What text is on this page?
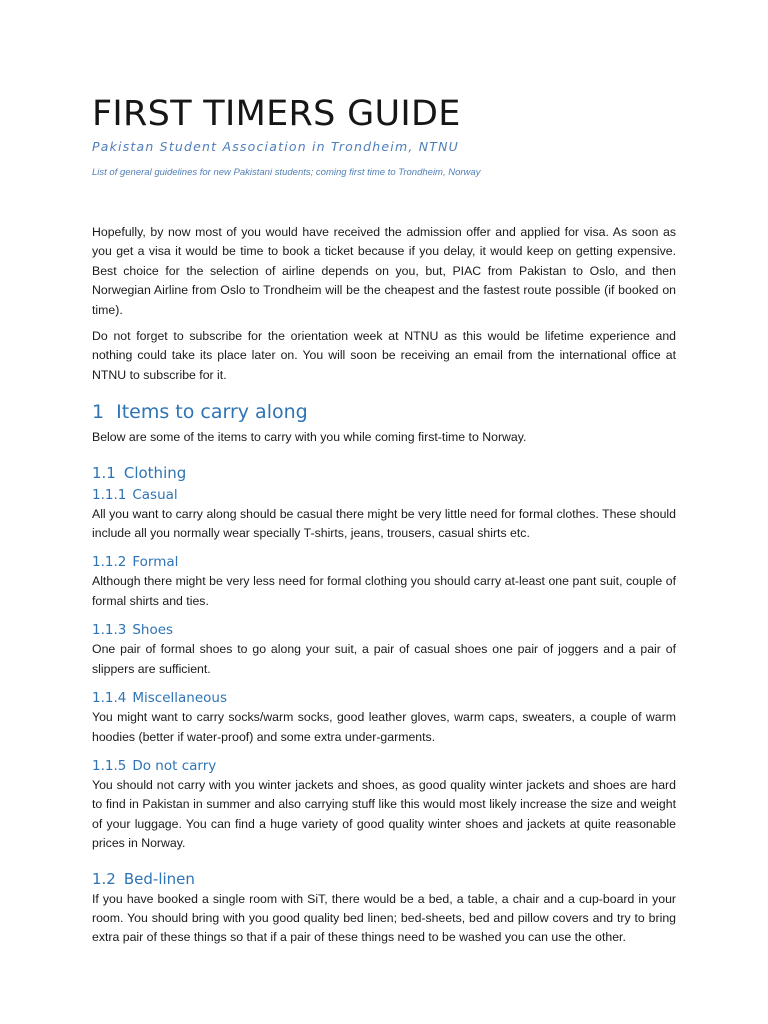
FIRST TIMERS GUIDE

Pakistan Student Association in Trondheim, NTNU

List of general guidelines for new Pakistani students; coming first time to Trondheim, Norway

Hopefully, by now most of you would have received the admission offer and applied for visa. As soon as you get a visa it would be time to book a ticket because if you delay, it would keep on getting expensive. Best choice for the selection of airline depends on you, but, PIAC from Pakistan to Oslo, and then Norwegian Airline from Oslo to Trondheim will be the cheapest and the fastest route possible (if booked on time).

Do not forget to subscribe for the orientation week at NTNU as this would be lifetime experience and nothing could take its place later on. You will soon be receiving an email from the international office at NTNU to subscribe for it.

1 Items to carry along

Below are some of the items to carry with you while coming first-time to Norway.

1.1 Clothing
1.1.1 Casual

All you want to carry along should be casual there might be very little need for formal clothes. These should include all you normally wear specially T-shirts, jeans, trousers, casual shirts etc.

1.1.2 Formal

Although there might be very less need for formal clothing you should carry at-least one pant suit, couple of formal shirts and ties.

1.1.3 Shoes

One pair of formal shoes to go along your suit, a pair of casual shoes one pair of joggers and a pair of slippers are sufficient.

1.1.4 Miscellaneous

You might want to carry socks/warm socks, good leather gloves, warm caps, sweaters, a couple of warm hoodies (better if water-proof) and some extra under-garments.

1.1.5 Do not carry

You should not carry with you winter jackets and shoes, as good quality winter jackets and shoes are hard to find in Pakistan in summer and also carrying stuff like this would most likely increase the size and weight of your luggage. You can find a huge variety of good quality winter shoes and jackets at quite reasonable prices in Norway.

1.2 Bed-linen

If you have booked a single room with SiT, there would be a bed, a table, a chair and a cup-board in your room. You should bring with you good quality bed linen; bed-sheets, bed and pillow covers and try to bring extra pair of these things so that if a pair of these things need to be washed you can use the other.
